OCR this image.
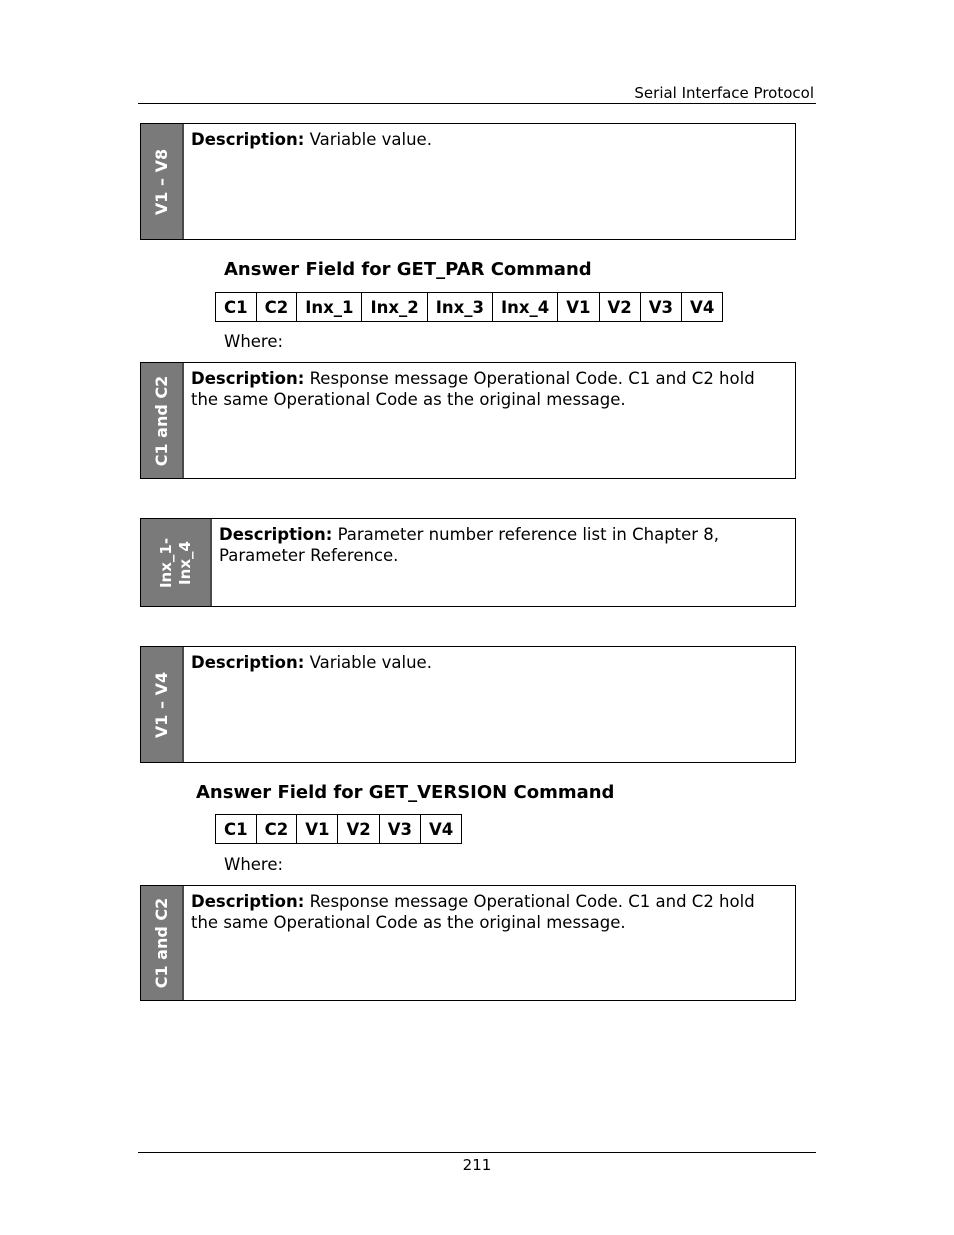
Serial Interface Protocol
V1 – V8
Description: Variable value.
Answer Field for GET_PAR Command
C1	C2	Inx_1	Inx_2	Inx_3	Inx_4	V1	V2	V3	V4
Where:
C1 and C2 Description: Response message Operational Code. C1 and C2 hold the same Operational Code as the original message.
Inx_1-
Inx_4
Description: Parameter number reference list in Chapter 8, Parameter Reference.
V1 – V4
Description: Variable value.
Answer Field for GET_VERSION Command
C1	C2	V1	V2	V3	V4
Where:
C1 and C2 Description: Response message Operational Code. C1 and C2 hold the same Operational Code as the original message.
211
